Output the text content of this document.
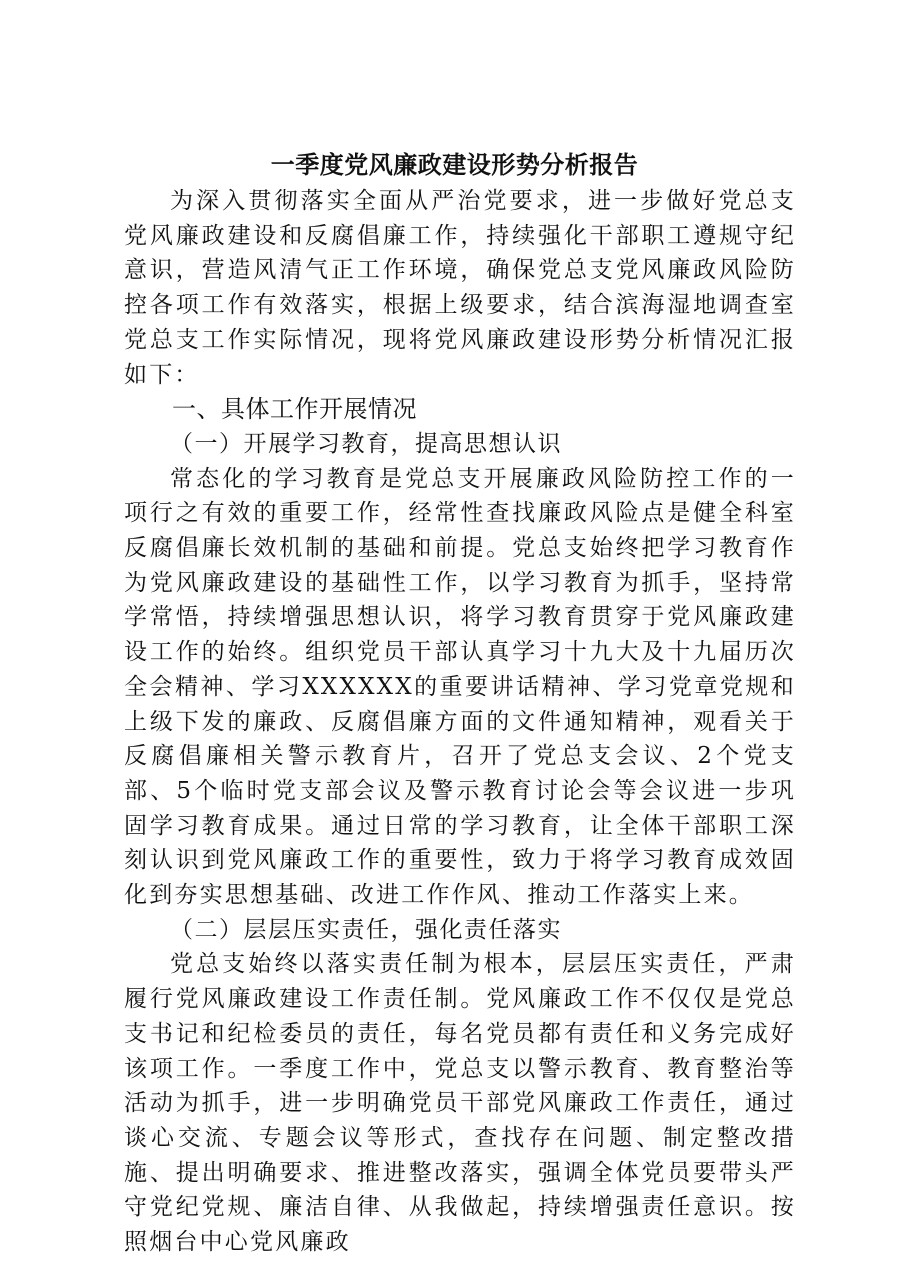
一季度党风廉政建设形势分析报告

为深入贯彻落实全面从严治党要求，进一步做好党总支党风廉政建设和反腐倡廉工作，持续强化干部职工遵规守纪意识，营造风清气正工作环境，确保党总支党风廉政风险防控各项工作有效落实，根据上级要求，结合滨海湿地调查室党总支工作实际情况，现将党风廉政建设形势分析情况汇报如下：

一、具体工作开展情况

（一）开展学习教育，提高思想认识

常态化的学习教育是党总支开展廉政风险防控工作的一项行之有效的重要工作，经常性查找廉政风险点是健全科室反腐倡廉长效机制的基础和前提。党总支始终把学习教育作为党风廉政建设的基础性工作，以学习教育为抓手，坚持常学常悟，持续增强思想认识，将学习教育贯穿于党风廉政建设工作的始终。组织党员干部认真学习十九大及十九届历次全会精神、学习XXXXXX的重要讲话精神、学习党章党规和上级下发的廉政、反腐倡廉方面的文件通知精神，观看关于反腐倡廉相关警示教育片，召开了党总支会议、2个党支部、5个临时党支部会议及警示教育讨论会等会议进一步巩固学习教育成果。通过日常的学习教育，让全体干部职工深刻认识到党风廉政工作的重要性，致力于将学习教育成效固化到夯实思想基础、改进工作作风、推动工作落实上来。

（二）层层压实责任，强化责任落实

党总支始终以落实责任制为根本，层层压实责任，严肃履行党风廉政建设工作责任制。党风廉政工作不仅仅是党总支书记和纪检委员的责任，每名党员都有责任和义务完成好该项工作。一季度工作中，党总支以警示教育、教育整治等活动为抓手，进一步明确党员干部党风廉政工作责任，通过谈心交流、专题会议等形式，查找存在问题、制定整改措施、提出明确要求、推进整改落实，强调全体党员要带头严守党纪党规、廉洁自律、从我做起，持续增强责任意识。按照烟台中心党风廉政
